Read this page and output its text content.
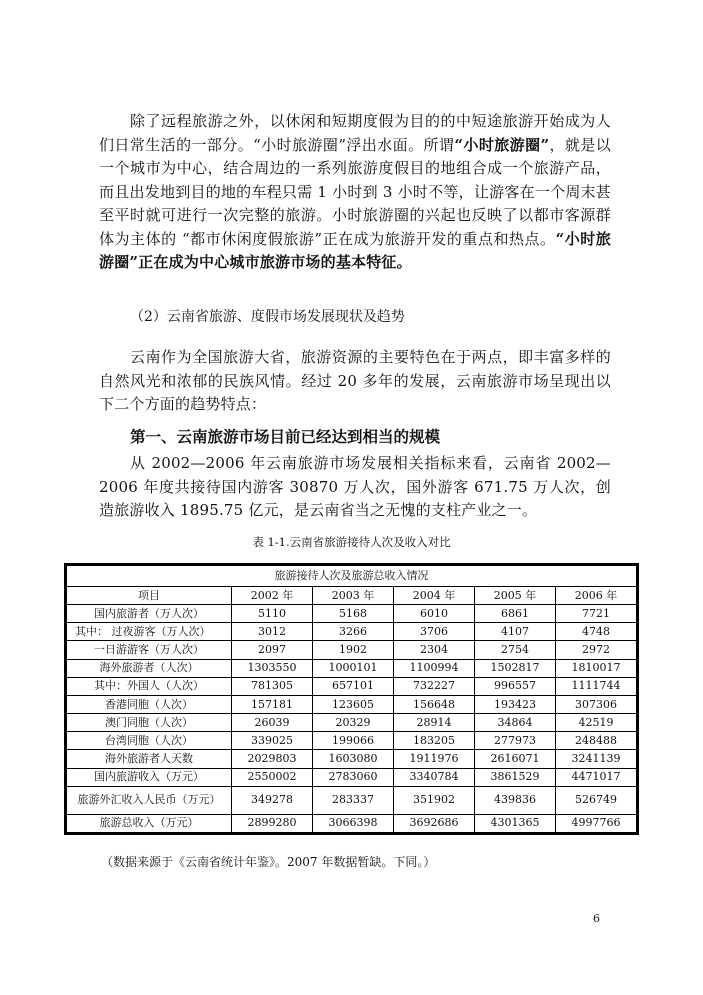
除了远程旅游之外，以休闲和短期度假为目的的中短途旅游开始成为人们日常生活的一部分。“小时旅游圈”浮出水面。所谓“小时旅游圈”，就是以一个城市为中心，结合周边的一系列旅游度假目的地组合成一个旅游产品，而且出发地到目的地的车程只需 1 小时到 3 小时不等，让游客在一个周末甚至平时就可进行一次完整的旅游。小时旅游圈的兴起也反映了以都市客源群体为主体的 “都市休闲度假旅游”正在成为旅游开发的重点和热点。“小时旅游圈”正在成为中心城市旅游市场的基本特征。

（2）云南省旅游、度假市场发展现状及趋势

云南作为全国旅游大省，旅游资源的主要特色在于两点，即丰富多样的自然风光和浓郁的民族风情。经过 20 多年的发展，云南旅游市场呈现出以下二个方面的趋势特点：

第一、云南旅游市场目前已经达到相当的规模

从 2002—2006 年云南旅游市场发展相关指标来看，云南省 2002—2006 年度共接待国内游客 30870 万人次，国外游客 671.75 万人次，创造旅游收入 1895.75 亿元，是云南省当之无愧的支柱产业之一。

表 1-1.云南省旅游接待人次及收入对比

旅游接待人次及旅游总收入情况					
项目	2002 年	2003 年	2004 年	2005 年	2006 年
国内旅游者（万人次）	5110	5168	6010	6861	7721
其中： 过夜游客（万人次）	3012	3266	3706	4107	4748
一日游游客（万人次）	2097	1902	2304	2754	2972
海外旅游者（人次）	1303550	1000101	1100994	1502817	1810017
其中：外国人（人次）	781305	657101	732227	996557	1111744
香港同胞（人次）	157181	123605	156648	193423	307306
澳门同胞（人次）	26039	20329	28914	34864	42519
台湾同胞（人次）	339025	199066	183205	277973	248488
海外旅游者人天数	2029803	1603080	1911976	2616071	3241139
国内旅游收入（万元）	2550002	2783060	3340784	3861529	4471017
旅游外汇收入人民币（万元）	349278	283337	351902	439836	526749
旅游总收入（万元）	2899280	3066398	3692686	4301365	4997766

（数据来源于《云南省统计年鉴》。2007 年数据暂缺。下同。）

6
